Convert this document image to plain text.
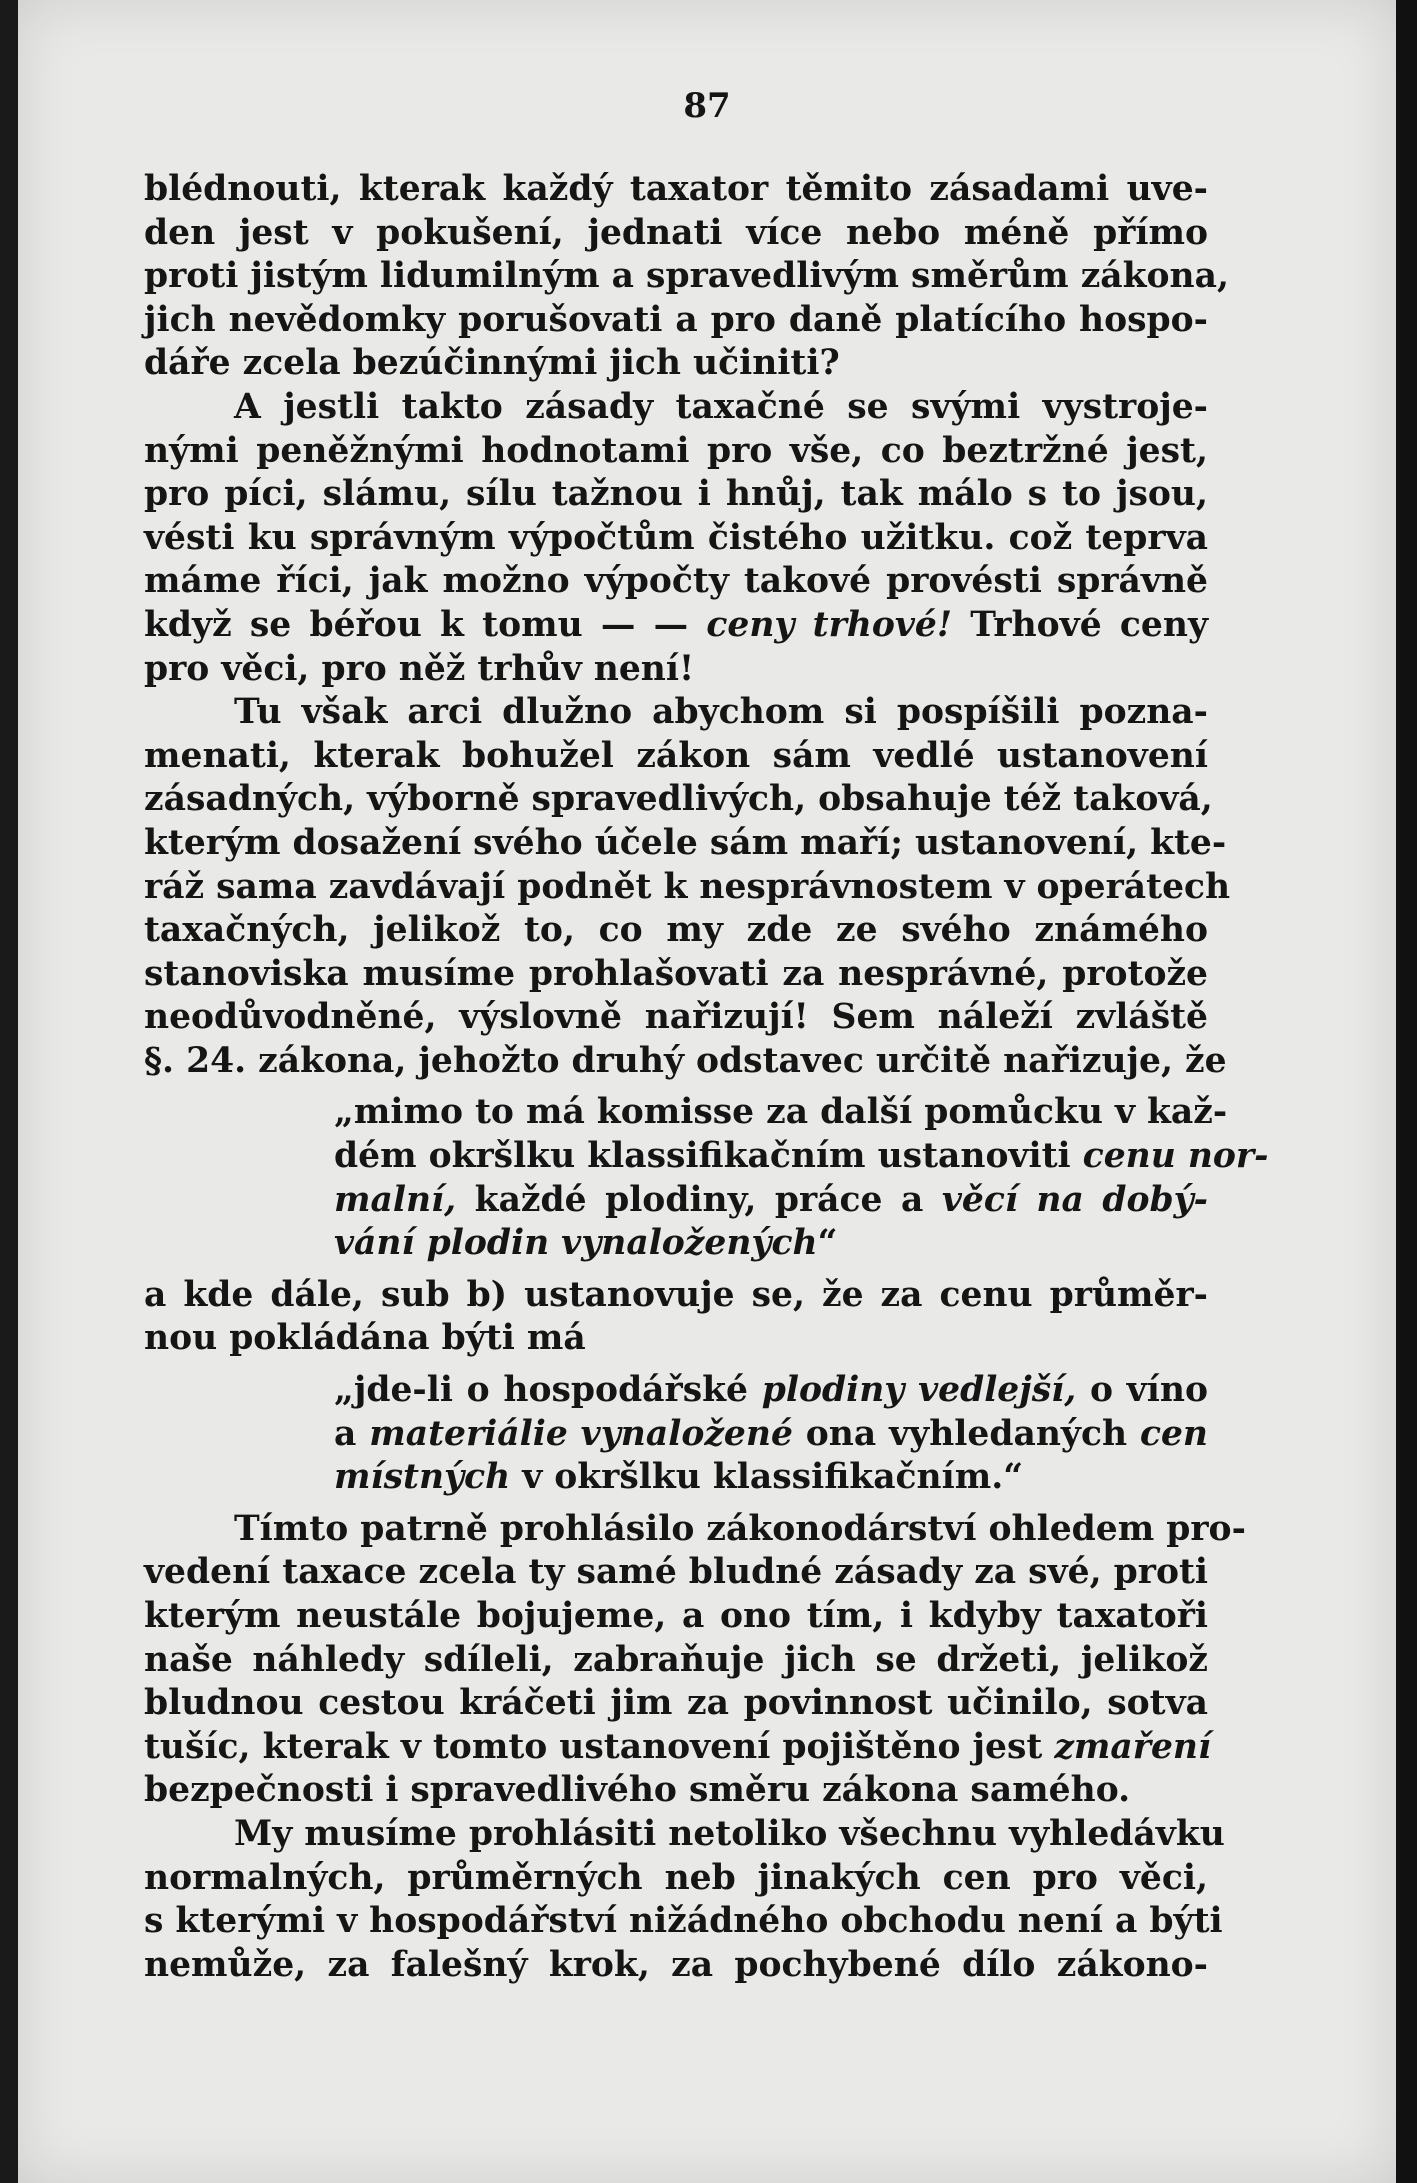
87
blédnouti, kterak každý taxator těmito zásadami uve-
den jest v pokušení, jednati více nebo méně přímo
proti jistým lidumilným a spravedlivým směrům zákona,
jich nevědomky porušovati a pro daně platícího hospo-
dáře zcela bezúčinnými jich učiniti?
A jestli takto zásady taxačné se svými vystroje-
nými peněžnými hodnotami pro vše, co beztržné jest,
pro píci, slámu, sílu tažnou i hnůj, tak málo s to jsou,
vésti ku správným výpočtům čistého užitku. což teprva
máme říci, jak možno výpočty takové provésti správně
když se béřou k tomu — — ceny trhové! Trhové ceny
pro věci, pro něž trhův není!
Tu však arci dlužno abychom si pospíšili pozna-
menati, kterak bohužel zákon sám vedlé ustanovení
zásadných, výborně spravedlivých, obsahuje též taková,
kterým dosažení svého účele sám maří; ustanovení, kte-
ráž sama zavdávají podnět k nesprávnostem v operátech
taxačných, jelikož to, co my zde ze svého známého
stanoviska musíme prohlašovati za nesprávné, protože
neodůvodněné, výslovně nařizují! Sem náleží zvláště
§. 24. zákona, jehožto druhý odstavec určitě nařizuje, že
„mimo to má komisse za další pomůcku v kaž-
dém okršlku klassifikačním ustanoviti cenu nor-
malní, každé plodiny, práce a věcí na dobý-
vání plodin vynaložených“
a kde dále, sub b) ustanovuje se, že za cenu průměr-
nou pokládána býti má
„jde-li o hospodářské plodiny vedlejší, o víno
a materiálie vynaložené ona vyhledaných cen
místných v okršlku klassifikačním.“
Tímto patrně prohlásilo zákonodárství ohledem pro-
vedení taxace zcela ty samé bludné zásady za své, proti
kterým neustále bojujeme, a ono tím, i kdyby taxatoři
naše náhledy sdíleli, zabraňuje jich se držeti, jelikož
bludnou cestou kráčeti jim za povinnost učinilo, sotva
tušíc, kterak v tomto ustanovení pojištěno jest zmaření
bezpečnosti i spravedlivého směru zákona samého.
My musíme prohlásiti netoliko všechnu vyhledávku
normalných, průměrných neb jinakých cen pro věci,
s kterými v hospodářství nižádného obchodu není a býti
nemůže, za falešný krok, za pochybené dílo zákono-
